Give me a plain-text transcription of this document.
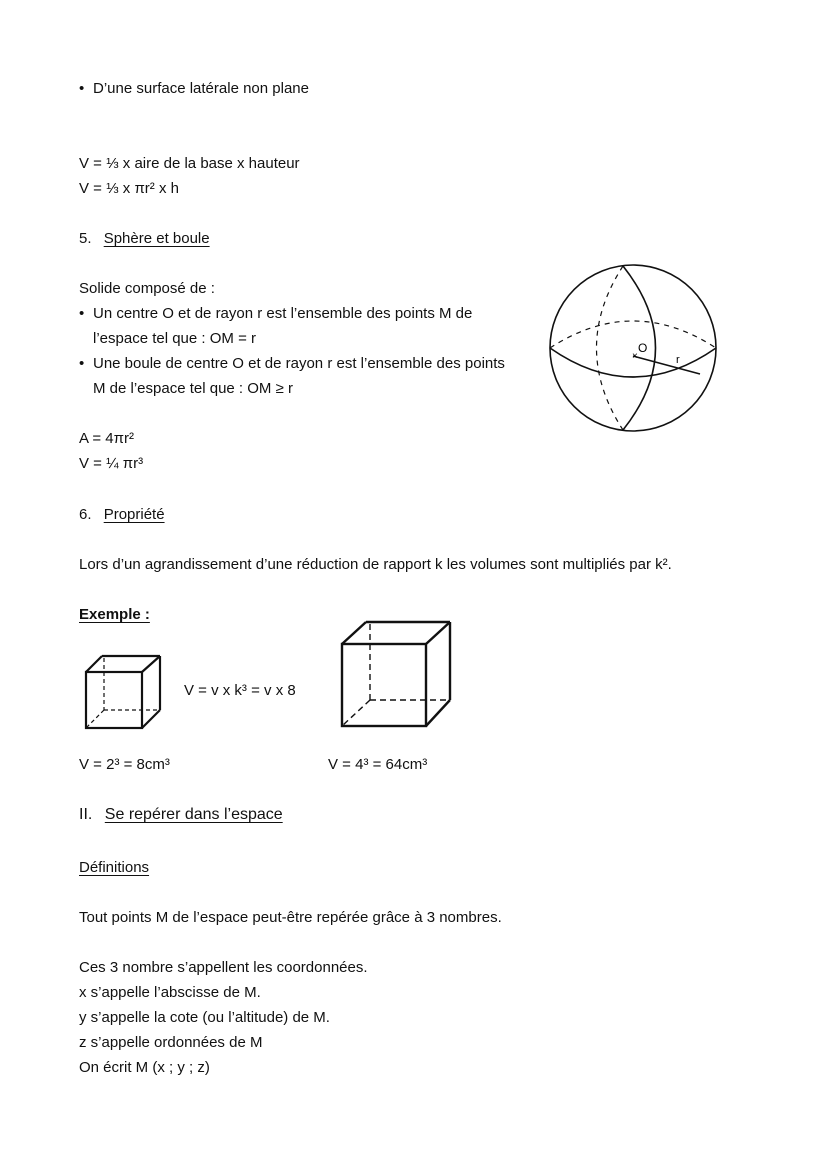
• D’une surface latérale non plane
V = ⅓ x aire de la base x hauteur
V = ⅓ x πr² x h
5. Sphère et boule
Solide composé de :
• Un centre O et de rayon r est l’ensemble des points M de
l’espace tel que : OM = r
• Une boule de centre O et de rayon r est l’ensemble des points
M de l’espace tel que : OM ≥ r
×
O
r
A = 4πr²
V = ¼ πr³
6. Propriété
Lors d’un agrandissement d’une réduction de rapport k les volumes sont multipliés par k².
Exemple :
V = v x k³ = v x 8
V = 2³ = 8cm³	V = 4³ = 64cm³
II. Se repérer dans l’espace
Définitions
Tout points M de l’espace peut-être repérée grâce à 3 nombres.
Ces 3 nombre s’appellent les coordonnées.
x s’appelle l’abscisse de M.
y s’appelle la cote (ou l’altitude) de M.
z s’appelle ordonnées de M
On écrit M (x ; y ; z)
